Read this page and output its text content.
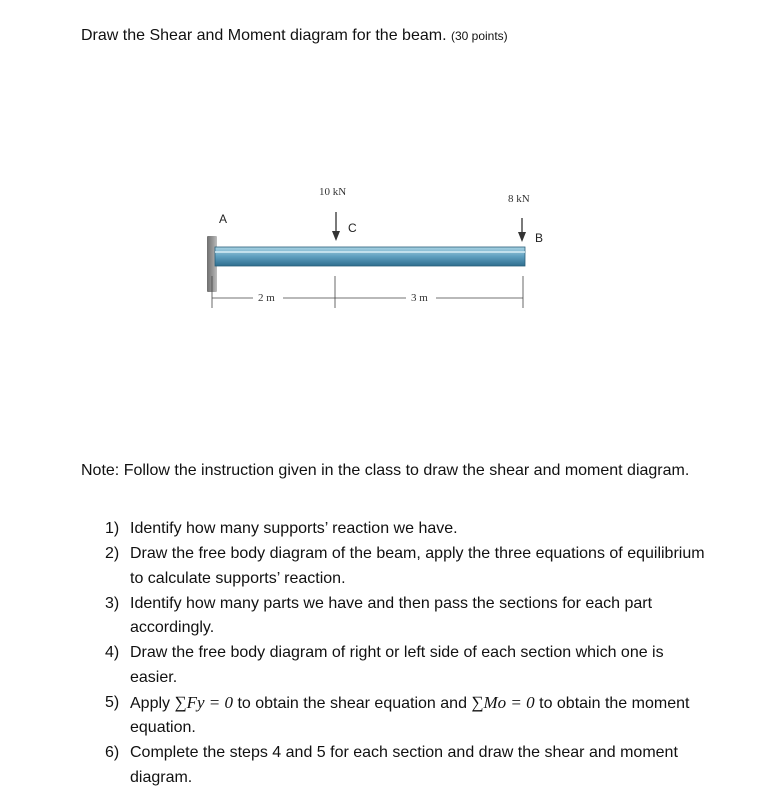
Draw the Shear and Moment diagram for the beam. (30 points)
A
C
B
10 kN
8 kN
2 m	3 m
Note: Follow the instruction given in the class to draw the shear and moment diagram.
1) Identify how many supports’ reaction we have.
2) Draw the free body diagram of the beam, apply the three equations of equilibrium to calculate supports’ reaction.
3) Identify how many parts we have and then pass the sections for each part accordingly.
4) Draw the free body diagram of right or left side of each section which one is easier.
5) Apply ∑Fy = 0 to obtain the shear equation and ∑Mo = 0 to obtain the moment equation.
6) Complete the steps 4 and 5 for each section and draw the shear and moment diagram.
